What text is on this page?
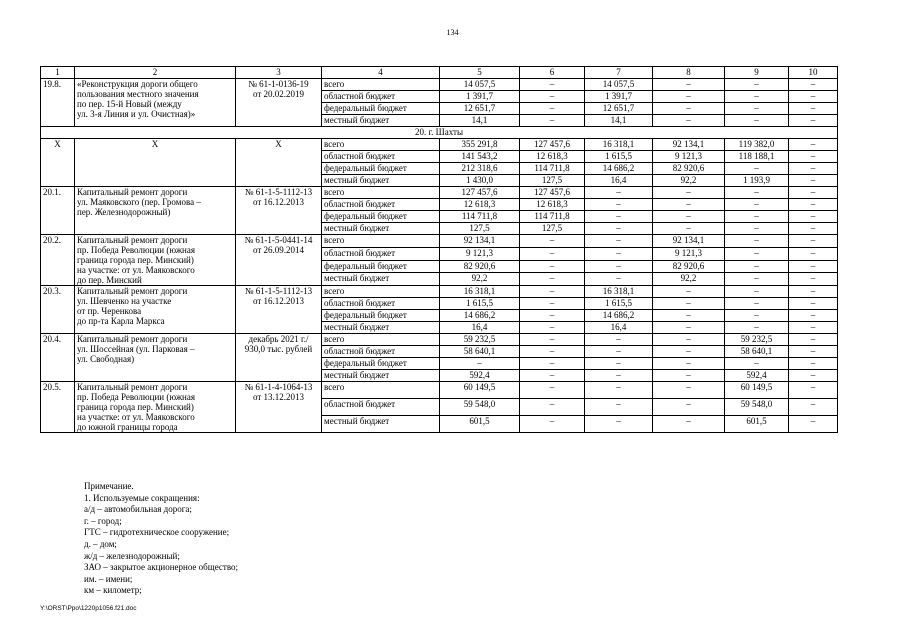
134
1	2	3	4	5	6	7	8	9	10
19.8.	«Реконструкция дороги общего
пользования местного значения
по пер. 15-й Новый (между
ул. 3-я Линия и ул. Очистная)»	№ 61-1-0136-19
от 20.02.2019	всего	14 057,5	–	14 057,5	–	–	–
			областной бюджет	1 391,7	–	1 391,7	–	–	–
			федеральный бюджет	12 651,7	–	12 651,7	–	–	–
			местный бюджет	14,1	–	14,1	–	–	–
20. г. Шахты									
X	X	X	всего	355 291,8	127 457,6	16 318,1	92 134,1	119 382,0	–
			областной бюджет	141 543,2	12 618,3	1 615,5	9 121,3	118 188,1	–
			федеральный бюджет	212 318,6	114 711,8	14 686,2	82 920,6	–	–
			местный бюджет	1 430,0	127,5	16,4	92,2	1 193,9	–
20.1.	Капитальный ремонт дороги
ул. Маяковского (пер. Громова –
пер. Железнодорожный)	№ 61-1-5-1112-13
от 16.12.2013	всего	127 457,6	127 457,6	–	–	–	–
			областной бюджет	12 618,3	12 618,3	–	–	–	–
			федеральный бюджет	114 711,8	114 711,8	–	–	–	–
			местный бюджет	127,5	127,5	–	–	–	–
20.2.	Капитальный ремонт дороги
пр. Победа Революции (южная
граница города пер. Минский)
на участке: от ул. Маяковского
до пер. Минский	№ 61-1-5-0441-14
от 26.09.2014	всего	92 134,1	–	–	92 134,1	–	–
			областной бюджет	9 121,3	–	–	9 121,3	–	–
			федеральный бюджет	82 920,6	–	–	82 920,6	–	–
			местный бюджет	92,2	–	–	92,2	–	–
20.3.	Капитальный ремонт дороги
ул. Шевченко на участке
от пр. Черенкова
до пр-та Карла Маркса	№ 61-1-5-1112-13
от 16.12.2013	всего	16 318,1	–	16 318,1	–	–	–
			областной бюджет	1 615,5	–	1 615,5	–	–	–
			федеральный бюджет	14 686,2	–	14 686,2	–	–	–
			местный бюджет	16,4	–	16,4	–	–	–
20.4.	Капитальный ремонт дороги
ул. Шоссейная (ул. Парковая –
ул. Свободная)	декабрь 2021 г./
930,0 тыс. рублей	всего	59 232,5	–	–	–	59 232,5	–
			областной бюджет	58 640,1	–	–	–	58 640,1	–
			федеральный бюджет	–	–	–	–	–	–
			местный бюджет	592,4	–	–	–	592,4	–
20.5.	Капитальный ремонт дороги
пр. Победа Революции (южная
граница города пер. Минский)
на участке: от ул. Маяковского
до южной границы города	№ 61-1-4-1064-13
от 13.12.2013	всего	60 149,5	–	–	–	60 149,5	–
			областной бюджет	59 548,0	–	–	–	59 548,0	–
			местный бюджет	601,5	–	–	–	601,5	–
Примечание.
1. Используемые сокращения:
а/д – автомобильная дорога;
г. – город;
ГТС – гидротехническое сооружение;
д. – дом;
ж/д – железнодорожный;
ЗАО – закрытое акционерное общество;
им. – имени;
км – километр;
Y:\ORST\Ppo\1220p1056.f21.doc
